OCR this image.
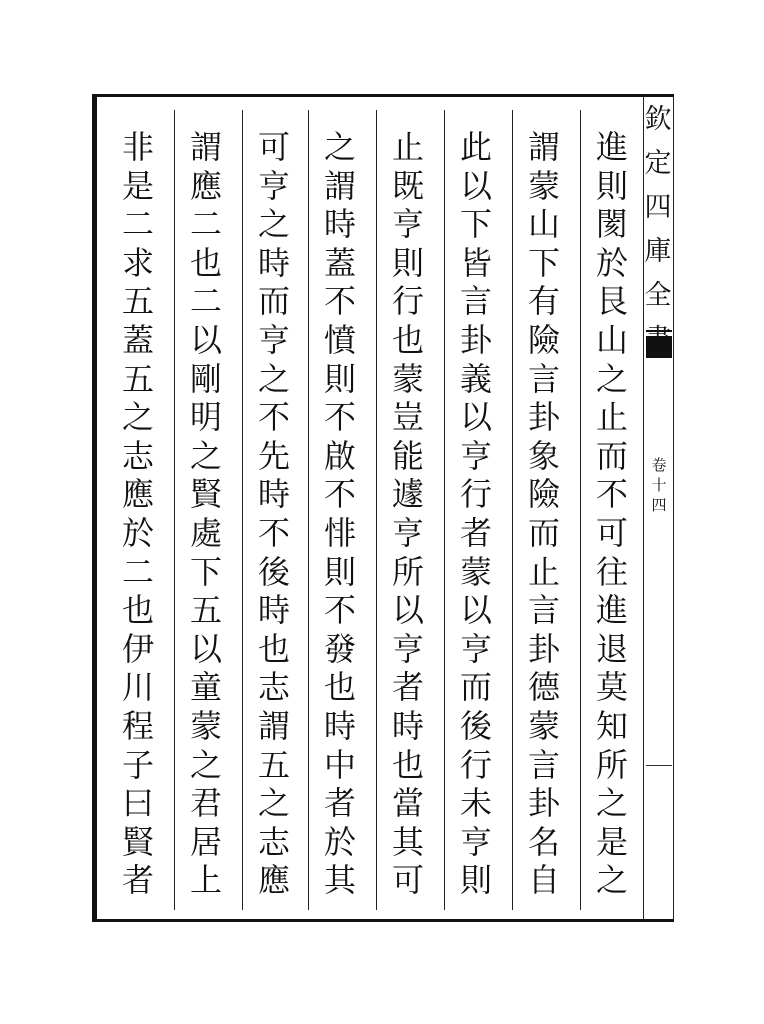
欽
定
四
庫
全
卷
十
四
進
則
閡
於
艮
山
之
止
而
不
可
往
進
退
莫
知
所
之
是
之
謂
蒙
山
下
有
險
言
卦
象
險
而
止
言
卦
德
蒙
言
卦
名
自
此
以
下
皆
言
卦
義
以
亨
行
者
蒙
以
亨
而
後
行
未
亨
則
止
既
亨
則
行
也
蒙
豈
能
遽
亨
所
以
亨
者
時
也
當
其
可
之
謂
時
蓋
不
憤
則
不
啟
不
悱
則
不
發
也
時
中
者
於
其
可
亨
之
時
而
亨
之
不
先
時
不
後
時
也
志
謂
五
之
志
應
謂
應
二
也
二
以
剛
明
之
賢
處
下
五
以
童
蒙
之
君
居
上
非
是
二
求
五
蓋
五
之
志
應
於
二
也
伊
川
程
子
曰
賢
者
